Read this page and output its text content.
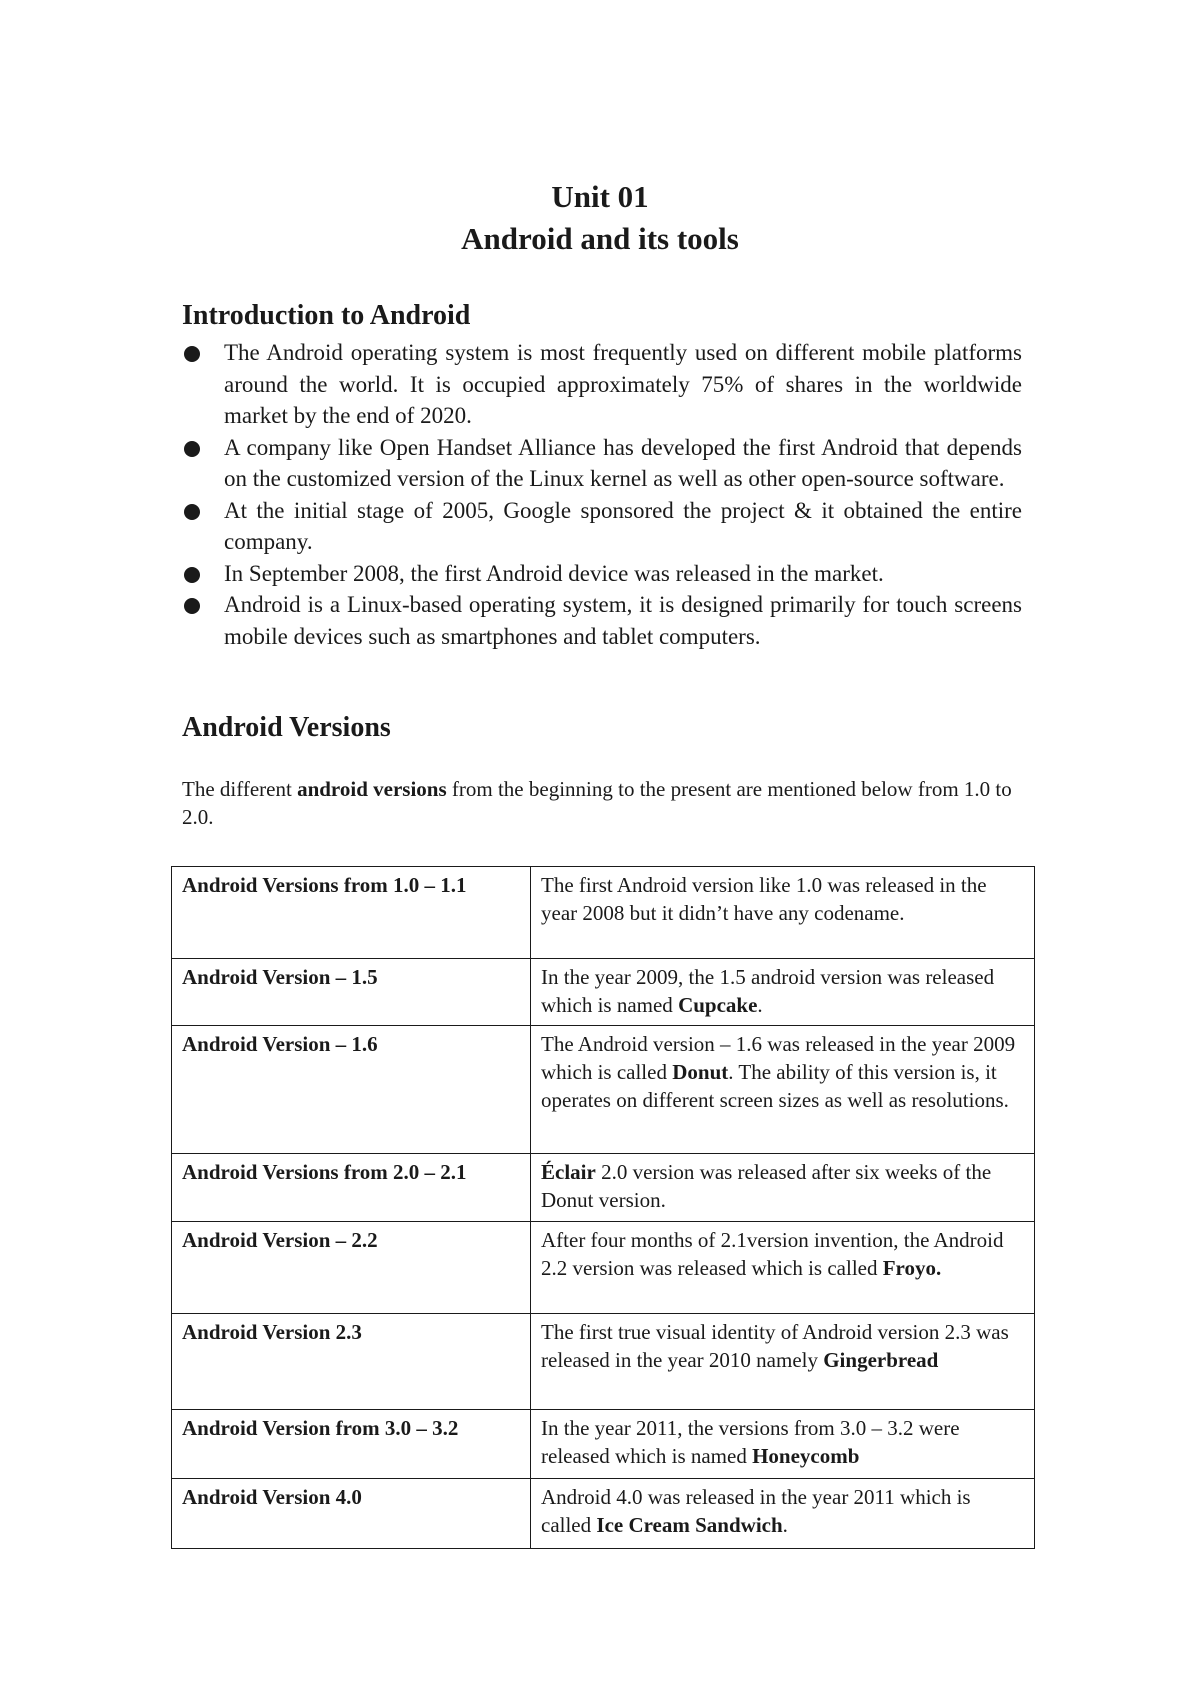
Unit 01
Android and its tools
Introduction to Android
The Android operating system is most frequently used on different mobile platforms around the world. It is occupied approximately 75% of shares in the worldwide market by the end of 2020.
A company like Open Handset Alliance has developed the first Android that depends on the customized version of the Linux kernel as well as other open-source software.
At the initial stage of 2005, Google sponsored the project & it obtained the entire company.
In September 2008, the first Android device was released in the market.
Android is a Linux-based operating system, it is designed primarily for touch screens mobile devices such as smartphones and tablet computers.
Android Versions

The different android versions from the beginning to the present are mentioned below from 1.0 to 2.0.

Android Versions from 1.0 – 1.1	The first Android version like 1.0 was released in the year 2008 but it didn’t have any codename.
Android Version – 1.5	In the year 2009, the 1.5 android version was released which is named Cupcake.
Android Version – 1.6	The Android version – 1.6 was released in the year 2009 which is called Donut. The ability of this version is, it operates on different screen sizes as well as resolutions.
Android Versions from 2.0 – 2.1	Éclair 2.0 version was released after six weeks of the Donut version.
Android Version – 2.2	After four months of 2.1version invention, the Android 2.2 version was released which is called Froyo.
Android Version 2.3	The first true visual identity of Android version 2.3 was released in the year 2010 namely Gingerbread
Android Version from 3.0 – 3.2	In the year 2011, the versions from 3.0 – 3.2 were released which is named Honeycomb
Android Version 4.0	Android 4.0 was released in the year 2011 which is called Ice Cream Sandwich.
